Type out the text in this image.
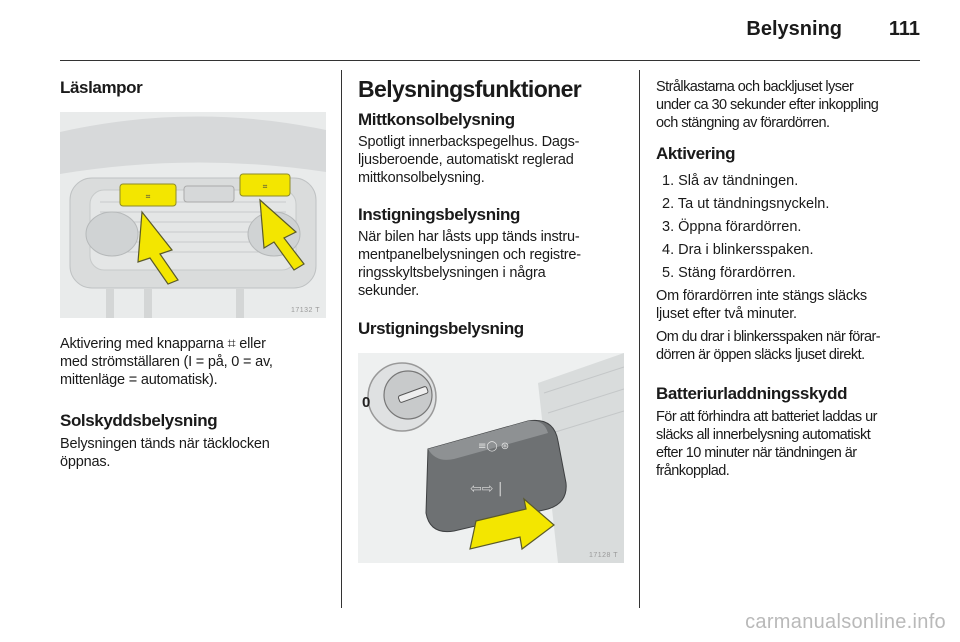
Belysning 111
Läslampor
⌗
⌗
17132 T
Aktivering med knapparna ⌗ eller
med strömställaren (I = på, 0 = av,
mittenläge = automatisk).
Solskyddsbelysning
Belysningen tänds när täcklocken
öppnas.
Belysningsfunktioner
Mittkonsolbelysning
Spotligt innerbackspegelhus. Dags-
ljusberoende, automatiskt reglerad
mittkonsolbelysning.
Instigningsbelysning
När bilen har låsts upp tänds instru-
mentpanelbelysningen och registre-
ringsskyltsbelysningen i några
sekunder.
Urstigningsbelysning
0
≡◯ ⊛
⇦⇨ |
17128 T
Strålkastarna och backljuset lyser
under ca 30 sekunder efter inkoppling
och stängning av förardörren.
Aktivering
1. Slå av tändningen.
2. Ta ut tändningsnyckeln.
3. Öppna förardörren.
4. Dra i blinkersspaken.
5. Stäng förardörren.
Om förardörren inte stängs släcks
ljuset efter två minuter.
Om du drar i blinkersspaken när förar-
dörren är öppen släcks ljuset direkt.
Batteriurladdningsskydd
För att förhindra att batteriet laddas ur
släcks all innerbelysning automatiskt
efter 10 minuter när tändningen är
frånkopplad.
carmanualsonline.info
